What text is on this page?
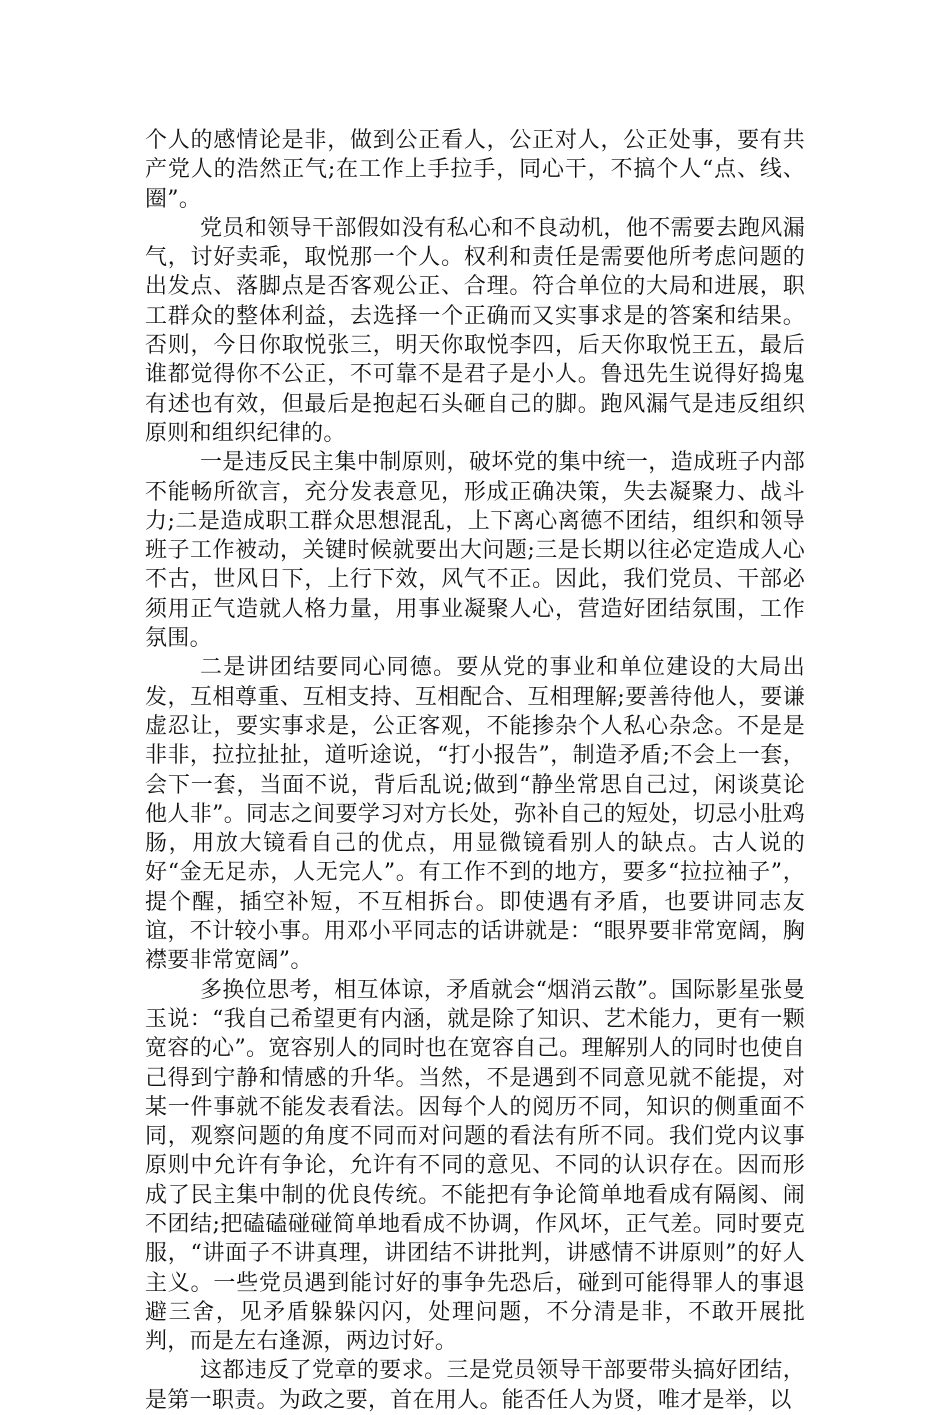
个人的感情论是非，做到公正看人，公正对人，公正处事，要有共产党人的浩然正气;在工作上手拉手，同心干，不搞个人“点、线、圈”。

党员和领导干部假如没有私心和不良动机，他不需要去跑风漏气，讨好卖乖，取悦那一个人。权利和责任是需要他所考虑问题的出发点、落脚点是否客观公正、合理。符合单位的大局和进展，职工群众的整体利益，去选择一个正确而又实事求是的答案和结果。否则，今日你取悦张三，明天你取悦李四，后天你取悦王五，最后谁都觉得你不公正，不可靠不是君子是小人。鲁迅先生说得好捣鬼有述也有效，但最后是抱起石头砸自己的脚。跑风漏气是违反组织原则和组织纪律的。

一是违反民主集中制原则，破坏党的集中统一，造成班子内部不能畅所欲言，充分发表意见，形成正确决策，失去凝聚力、战斗力;二是造成职工群众思想混乱，上下离心离德不团结，组织和领导班子工作被动，关键时候就要出大问题;三是长期以往必定造成人心不古，世风日下，上行下效，风气不正。因此，我们党员、干部必须用正气造就人格力量，用事业凝聚人心，营造好团结氛围，工作氛围。

二是讲团结要同心同德。要从党的事业和单位建设的大局出发，互相尊重、互相支持、互相配合、互相理解;要善待他人，要谦虚忍让，要实事求是，公正客观，不能掺杂个人私心杂念。不是是非非，拉拉扯扯，道听途说，“打小报告”，制造矛盾;不会上一套，会下一套，当面不说，背后乱说;做到“静坐常思自己过，闲谈莫论他人非”。同志之间要学习对方长处，弥补自己的短处，切忌小肚鸡肠，用放大镜看自己的优点，用显微镜看别人的缺点。古人说的好“金无足赤，人无完人”。有工作不到的地方，要多“拉拉袖子”，提个醒，插空补短，不互相拆台。即使遇有矛盾，也要讲同志友谊，不计较小事。用邓小平同志的话讲就是：“眼界要非常宽阔，胸襟要非常宽阔”。

多换位思考，相互体谅，矛盾就会“烟消云散”。国际影星张曼玉说：“我自己希望更有内涵，就是除了知识、艺术能力，更有一颗宽容的心”。宽容别人的同时也在宽容自己。理解别人的同时也使自己得到宁静和情感的升华。当然，不是遇到不同意见就不能提，对某一件事就不能发表看法。因每个人的阅历不同，知识的侧重面不同，观察问题的角度不同而对问题的看法有所不同。我们党内议事原则中允许有争论，允许有不同的意见、不同的认识存在。因而形成了民主集中制的优良传统。不能把有争论简单地看成有隔阂、闹不团结;把磕磕碰碰简单地看成不协调，作风坏，正气差。同时要克服，“讲面子不讲真理，讲团结不讲批判，讲感情不讲原则”的好人主义。一些党员遇到能讨好的事争先恐后，碰到可能得罪人的事退避三舍，见矛盾躲躲闪闪，处理问题，不分清是非，不敢开展批判，而是左右逢源，两边讨好。

这都违反了党章的要求。三是党员领导干部要带头搞好团结，是第一职责。为政之要，首在用人。能否任人为贤，唯才是举，以
